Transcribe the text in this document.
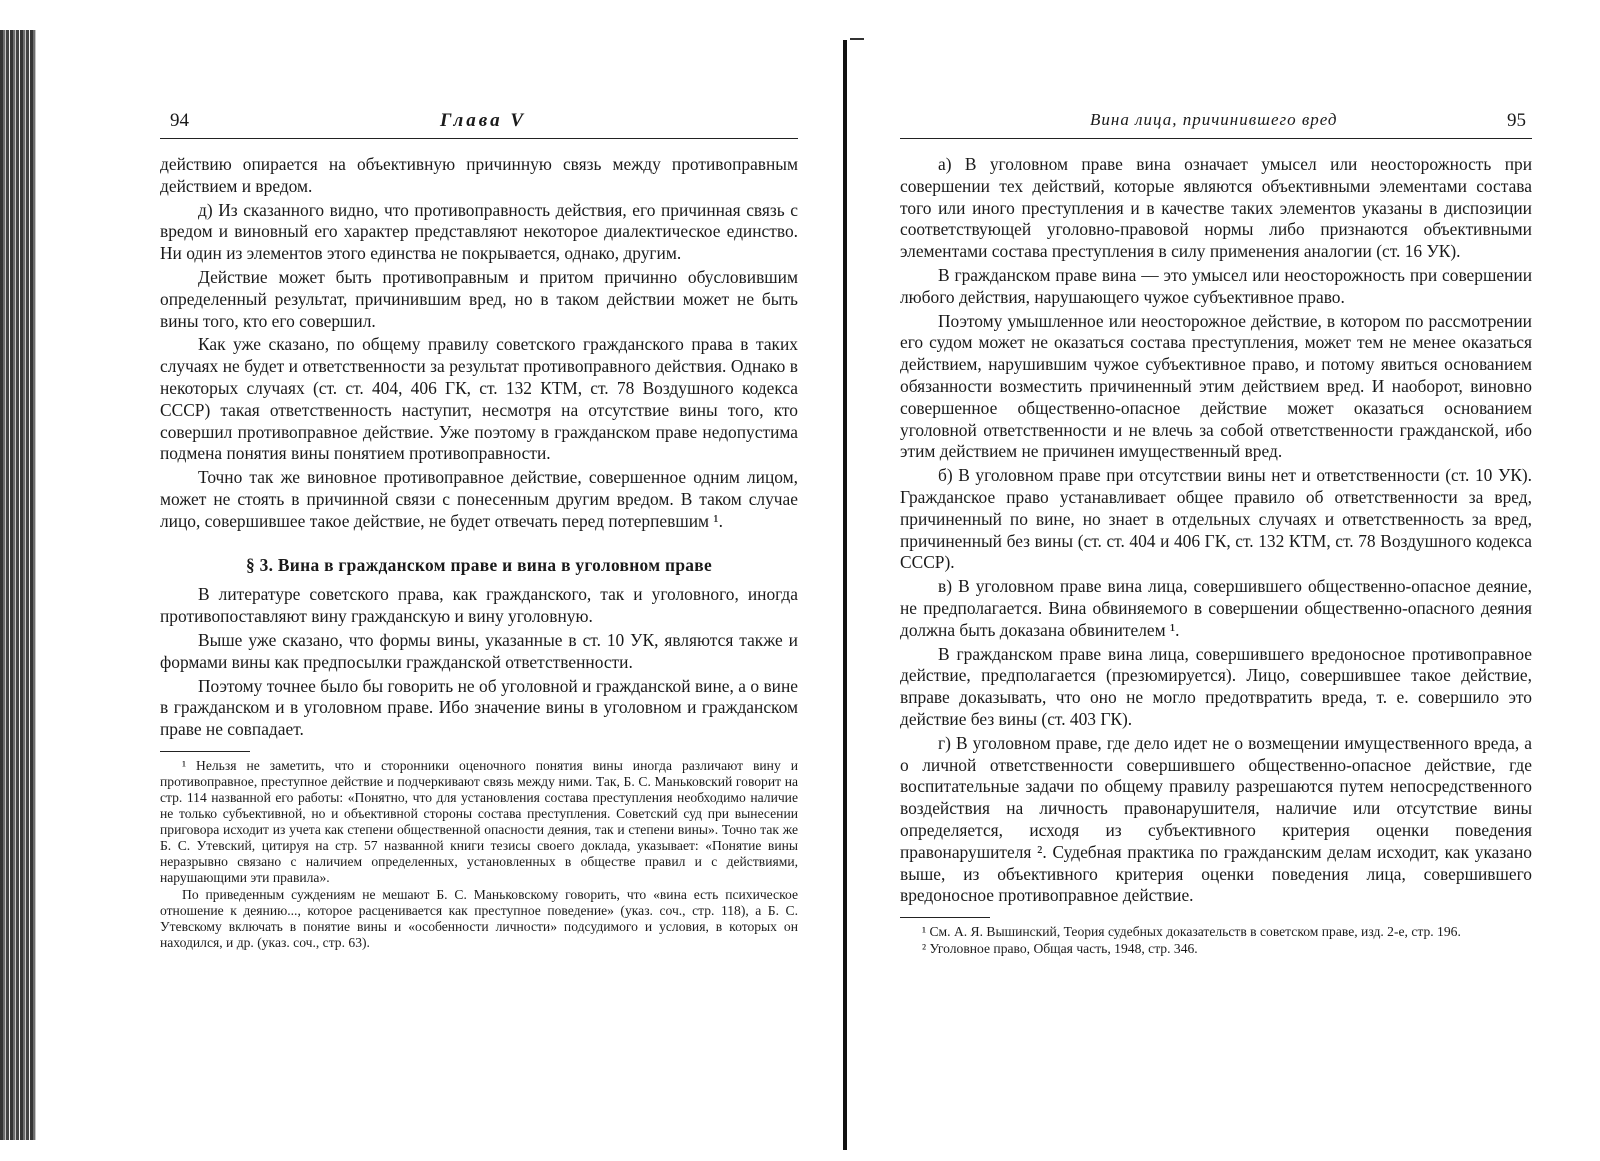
94	Глава V

действию опирается на объективную причинную связь между противоправным действием и вредом.

д) Из сказанного видно, что противоправность действия, его причинная связь с вредом и виновный его характер представляют некоторое диалектическое единство. Ни один из элементов этого единства не покрывается, однако, другим.

Действие может быть противоправным и притом причинно обусловившим определенный результат, причинившим вред, но в таком действии может не быть вины того, кто его совершил.

Как уже сказано, по общему правилу советского гражданского права в таких случаях не будет и ответственности за результат противоправного действия. Однако в некоторых случаях (ст. ст. 404, 406 ГК, ст. 132 КТМ, ст. 78 Воздушного кодекса СССР) такая ответственность наступит, несмотря на отсутствие вины того, кто совершил противоправное действие. Уже поэтому в гражданском праве недопустима подмена понятия вины понятием противоправности.

Точно так же виновное противоправное действие, совершенное одним лицом, может не стоять в причинной связи с понесенным другим вредом. В таком случае лицо, совершившее такое действие, не будет отвечать перед потерпевшим ¹.

§ 3. Вина в гражданском праве и вина в уголовном праве

В литературе советского права, как гражданского, так и уголовного, иногда противопоставляют вину гражданскую и вину уголовную.

Выше уже сказано, что формы вины, указанные в ст. 10 УК, являются также и формами вины как предпосылки гражданской ответственности.

Поэтому точнее было бы говорить не об уголовной и гражданской вине, а о вине в гражданском и в уголовном праве. Ибо значение вины в уголовном и гражданском праве не совпадает.

¹ Нельзя не заметить, что и сторонники оценочного понятия вины иногда различают вину и противоправное, преступное действие и подчеркивают связь между ними. Так, Б. С. Маньковский говорит на стр. 114 названной его работы: «Понятно, что для установления состава преступления необходимо наличие не только субъективной, но и объективной стороны состава преступления. Советский суд при вынесении приговора исходит из учета как степени общественной опасности деяния, так и степени вины». Точно так же Б. С. Утевский, цитируя на стр. 57 названной книги тезисы своего доклада, указывает: «Понятие вины неразрывно связано с наличием определенных, установленных в обществе правил и с действиями, нарушающими эти правила».

По приведенным суждениям не мешают Б. С. Маньковскому говорить, что «вина есть психическое отношение к деянию..., которое расценивается как преступное поведение» (указ. соч., стр. 118), а Б. С. Утевскому включать в понятие вины и «особенности личности» подсудимого и условия, в которых он находился, и др. (указ. соч., стр. 63).

Вина лица, причинившего вред	95

а) В уголовном праве вина означает умысел или неосторожность при совершении тех действий, которые являются объективными элементами состава того или иного преступления и в качестве таких элементов указаны в диспозиции соответствующей уголовно-правовой нормы либо признаются объективными элементами состава преступления в силу применения аналогии (ст. 16 УК).

В гражданском праве вина — это умысел или неосторожность при совершении любого действия, нарушающего чужое субъективное право.

Поэтому умышленное или неосторожное действие, в котором по рассмотрении его судом может не оказаться состава преступления, может тем не менее оказаться действием, нарушившим чужое субъективное право, и потому явиться основанием обязанности возместить причиненный этим действием вред. И наоборот, виновно совершенное общественно-опасное действие может оказаться основанием уголовной ответственности и не влечь за собой ответственности гражданской, ибо этим действием не причинен имущественный вред.

б) В уголовном праве при отсутствии вины нет и ответственности (ст. 10 УК). Гражданское право устанавливает общее правило об ответственности за вред, причиненный по вине, но знает в отдельных случаях и ответственность за вред, причиненный без вины (ст. ст. 404 и 406 ГК, ст. 132 КТМ, ст. 78 Воздушного кодекса СССР).

в) В уголовном праве вина лица, совершившего общественно-опасное деяние, не предполагается. Вина обвиняемого в совершении общественно-опасного деяния должна быть доказана обвинителем ¹.

В гражданском праве вина лица, совершившего вредоносное противоправное действие, предполагается (презюмируется). Лицо, совершившее такое действие, вправе доказывать, что оно не могло предотвратить вреда, т. е. совершило это действие без вины (ст. 403 ГК).

г) В уголовном праве, где дело идет не о возмещении имущественного вреда, а о личной ответственности совершившего общественно-опасное действие, где воспитательные задачи по общему правилу разрешаются путем непосредственного воздействия на личность правонарушителя, наличие или отсутствие вины определяется, исходя из субъективного критерия оценки поведения правонарушителя ². Судебная практика по гражданским делам исходит, как указано выше, из объективного критерия оценки поведения лица, совершившего вредоносное противоправное действие.

¹ См. А. Я. Вышинский, Теория судебных доказательств в советском праве, изд. 2-е, стр. 196.

² Уголовное право, Общая часть, 1948, стр. 346.
